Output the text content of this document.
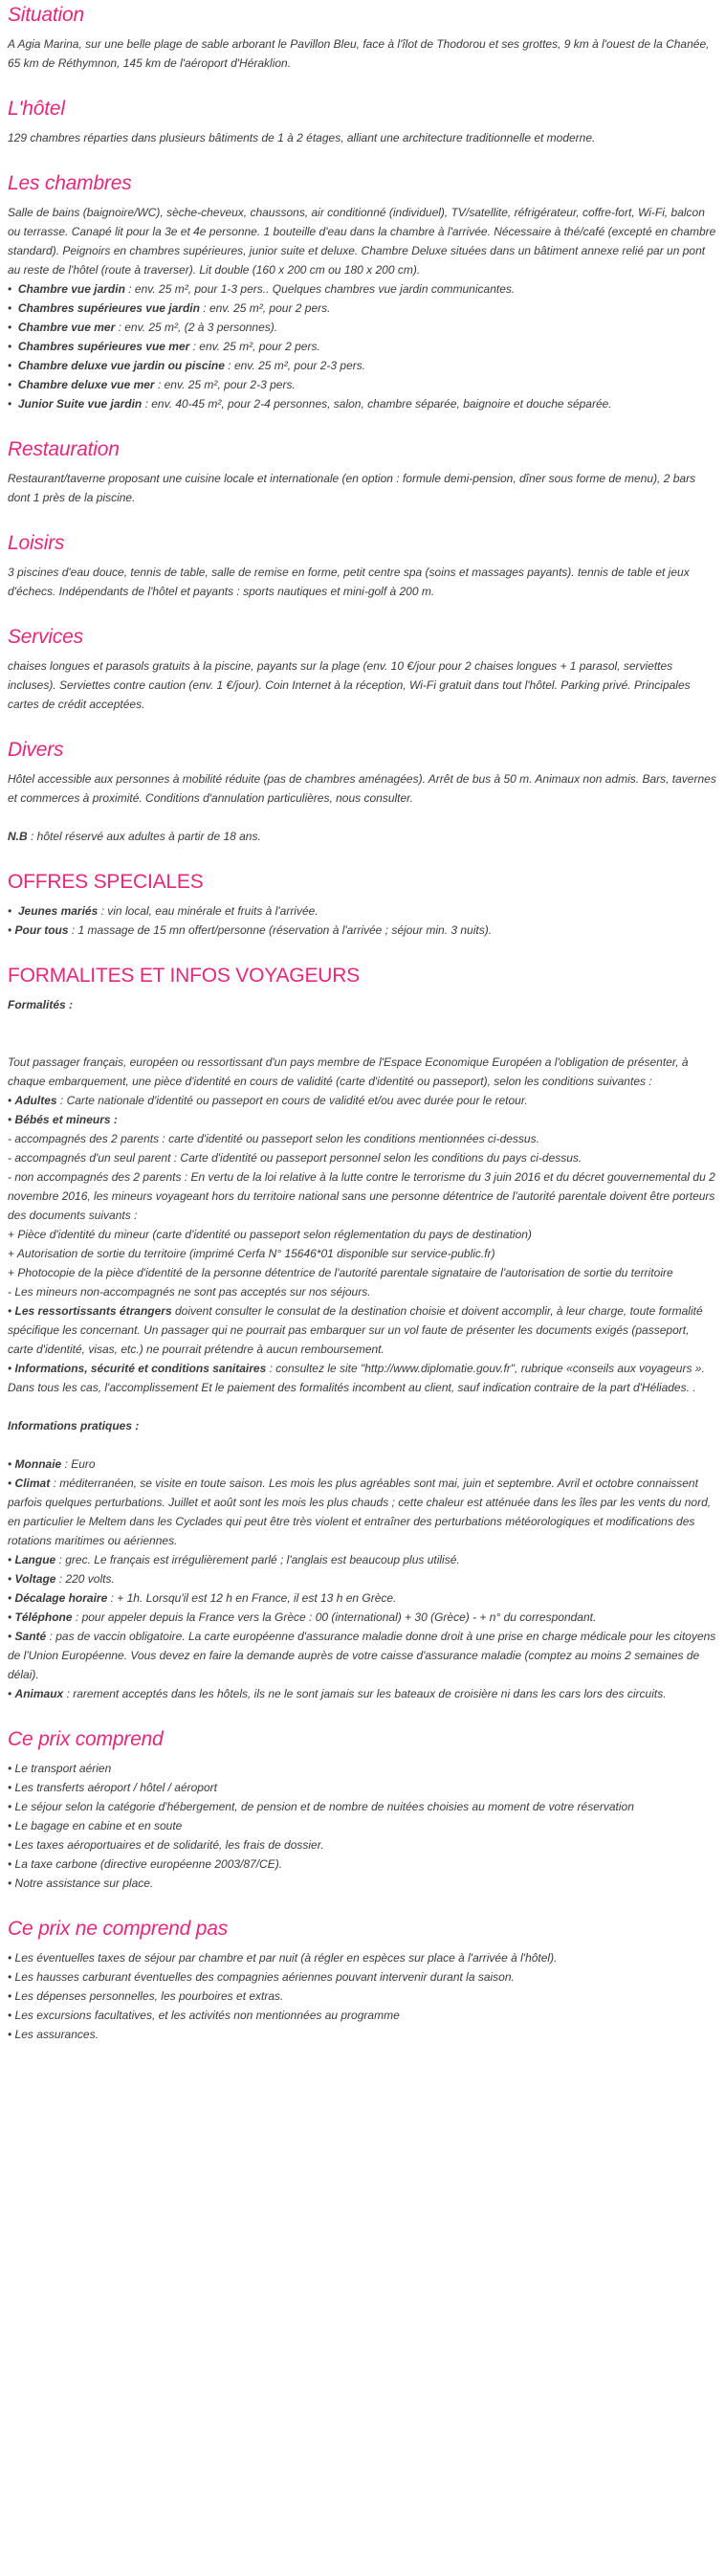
Situation

A Agia Marina, sur une belle plage de sable arborant le Pavillon Bleu, face à l'îlot de Thodorou et ses grottes, 9 km à l'ouest de la Chanée, 65 km de Réthymnon, 145 km de l'aéroport d'Héraklion.

L'hôtel

129 chambres réparties dans plusieurs bâtiments de 1 à 2 étages, alliant une architecture traditionnelle et moderne.

Les chambres

Salle de bains (baignoire/WC), sèche-cheveux, chaussons, air conditionné (individuel), TV/satellite, réfrigérateur, coffre-fort, Wi-Fi, balcon ou terrasse. Canapé lit pour la 3e et 4e personne. 1 bouteille d'eau dans la chambre à l'arrivée. Nécessaire à thé/café (excepté en chambre standard). Peignoirs en chambres supérieures, junior suite et deluxe. Chambre Deluxe situées dans un bâtiment annexe relié par un pont au reste de l'hôtel (route à traverser). Lit double (160 x 200 cm ou 180 x 200 cm).

•  Chambre vue jardin : env. 25 m², pour 1-3 pers.. Quelques chambres vue jardin communicantes.
•  Chambres supérieures vue jardin : env. 25 m², pour 2 pers.
•  Chambre vue mer : env. 25 m², (2 à 3 personnes).
•  Chambres supérieures vue mer : env. 25 m², pour 2 pers.
•  Chambre deluxe vue jardin ou piscine : env. 25 m², pour 2-3 pers.
•  Chambre deluxe vue mer : env. 25 m², pour 2-3 pers.
•  Junior Suite vue jardin : env. 40-45 m², pour 2-4 personnes, salon, chambre séparée, baignoire et douche séparée.
Restauration

Restaurant/taverne proposant une cuisine locale et internationale (en option : formule demi-pension, dîner sous forme de menu), 2 bars dont 1 près de la piscine.

Loisirs

3 piscines d'eau douce, tennis de table, salle de remise en forme, petit centre spa (soins et massages payants). tennis de table et jeux d'échecs. Indépendants de l'hôtel et payants : sports nautiques et mini-golf à 200 m.

Services

chaises longues et parasols gratuits à la piscine, payants sur la plage (env. 10 €/jour pour 2 chaises longues + 1 parasol, serviettes incluses). Serviettes contre caution (env. 1 €/jour). Coin Internet à la réception, Wi-Fi gratuit dans tout l'hôtel. Parking privé. Principales cartes de crédit acceptées.

Divers

Hôtel accessible aux personnes à mobilité réduite (pas de chambres aménagées). Arrêt de bus à 50 m. Animaux non admis. Bars, tavernes et commerces à proximité. Conditions d'annulation particulières, nous consulter.

N.B : hôtel réservé aux adultes à partir de 18 ans.
OFFRES SPECIALES
•  Jeunes mariés : vin local, eau minérale et fruits à l'arrivée.
• Pour tous : 1 massage de 15 mn offert/personne (réservation à l'arrivée ; séjour min. 3 nuits).
FORMALITES ET INFOS VOYAGEURS
Formalités :

Tout passager français, européen ou ressortissant d'un pays membre de l'Espace Economique Européen a l'obligation de présenter, à chaque embarquement, une pièce d'identité en cours de validité (carte d'identité ou passeport), selon les conditions suivantes :

• Adultes : Carte nationale d'identité ou passeport en cours de validité et/ou avec durée pour le retour.
• Bébés et mineurs :
- accompagnés des 2 parents : carte d'identité ou passeport selon les conditions mentionnées ci-dessus.
- accompagnés d'un seul parent : Carte d'identité ou passeport personnel selon les conditions du pays ci-dessus.
- non accompagnés des 2 parents : En vertu de la loi relative à la lutte contre le terrorisme du 3 juin 2016 et du décret gouvernemental du 2 novembre 2016, les mineurs voyageant hors du territoire national sans une personne détentrice de l'autorité parentale doivent être porteurs des documents suivants :
+ Pièce d'identité du mineur (carte d'identité ou passeport selon réglementation du pays de destination)
+ Autorisation de sortie du territoire (imprimé Cerfa N° 15646*01 disponible sur service-public.fr)
+ Photocopie de la pièce d'identité de la personne détentrice de l'autorité parentale signataire de l'autorisation de sortie du territoire
- Les mineurs non-accompagnés ne sont pas acceptés sur nos séjours.
• Les ressortissants étrangers doivent consulter le consulat de la destination choisie et doivent accomplir, à leur charge, toute formalité spécifique les concernant. Un passager qui ne pourrait pas embarquer sur un vol faute de présenter les documents exigés (passeport, carte d'identité, visas, etc.) ne pourrait prétendre à aucun remboursement.
• Informations, sécurité et conditions sanitaires : consultez le site "http://www.diplomatie.gouv.fr", rubrique «conseils aux voyageurs ». Dans tous les cas, l'accomplissement Et le paiement des formalités incombent au client, sauf indication contraire de la part d'Héliades. .
Informations pratiques :
• Monnaie : Euro
• Climat : méditerranéen, se visite en toute saison. Les mois les plus agréables sont mai, juin et septembre. Avril et octobre connaissent parfois quelques perturbations. Juillet et août sont les mois les plus chauds ; cette chaleur est atténuée dans les îles par les vents du nord, en particulier le Meltem dans les Cyclades qui peut être très violent et entraîner des perturbations météorologiques et modifications des rotations maritimes ou aériennes.
• Langue : grec. Le français est irrégulièrement parlé ; l'anglais est beaucoup plus utilisé.
• Voltage : 220 volts.
• Décalage horaire : + 1h. Lorsqu'il est 12 h en France, il est 13 h en Grèce.
• Téléphone : pour appeler depuis la France vers la Grèce : 00 (international) + 30 (Grèce) - + n° du correspondant.
• Santé : pas de vaccin obligatoire. La carte européenne d'assurance maladie donne droit à une prise en charge médicale pour les citoyens de l'Union Européenne. Vous devez en faire la demande auprès de votre caisse d'assurance maladie (comptez au moins 2 semaines de délai).
• Animaux : rarement acceptés dans les hôtels, ils ne le sont jamais sur les bateaux de croisière ni dans les cars lors des circuits.
Ce prix comprend
• Le transport aérien
• Les transferts aéroport / hôtel / aéroport
• Le séjour selon la catégorie d'hébergement, de pension et de nombre de nuitées choisies au moment de votre réservation
• Le bagage en cabine et en soute
• Les taxes aéroportuaires et de solidarité, les frais de dossier.
• La taxe carbone (directive européenne 2003/87/CE).
• Notre assistance sur place.
Ce prix ne comprend pas
• Les éventuelles taxes de séjour par chambre et par nuit (à régler en espèces sur place à l'arrivée à l'hôtel).
• Les hausses carburant éventuelles des compagnies aériennes pouvant intervenir durant la saison.
• Les dépenses personnelles, les pourboires et extras.
• Les excursions facultatives, et les activités non mentionnées au programme
• Les assurances.
